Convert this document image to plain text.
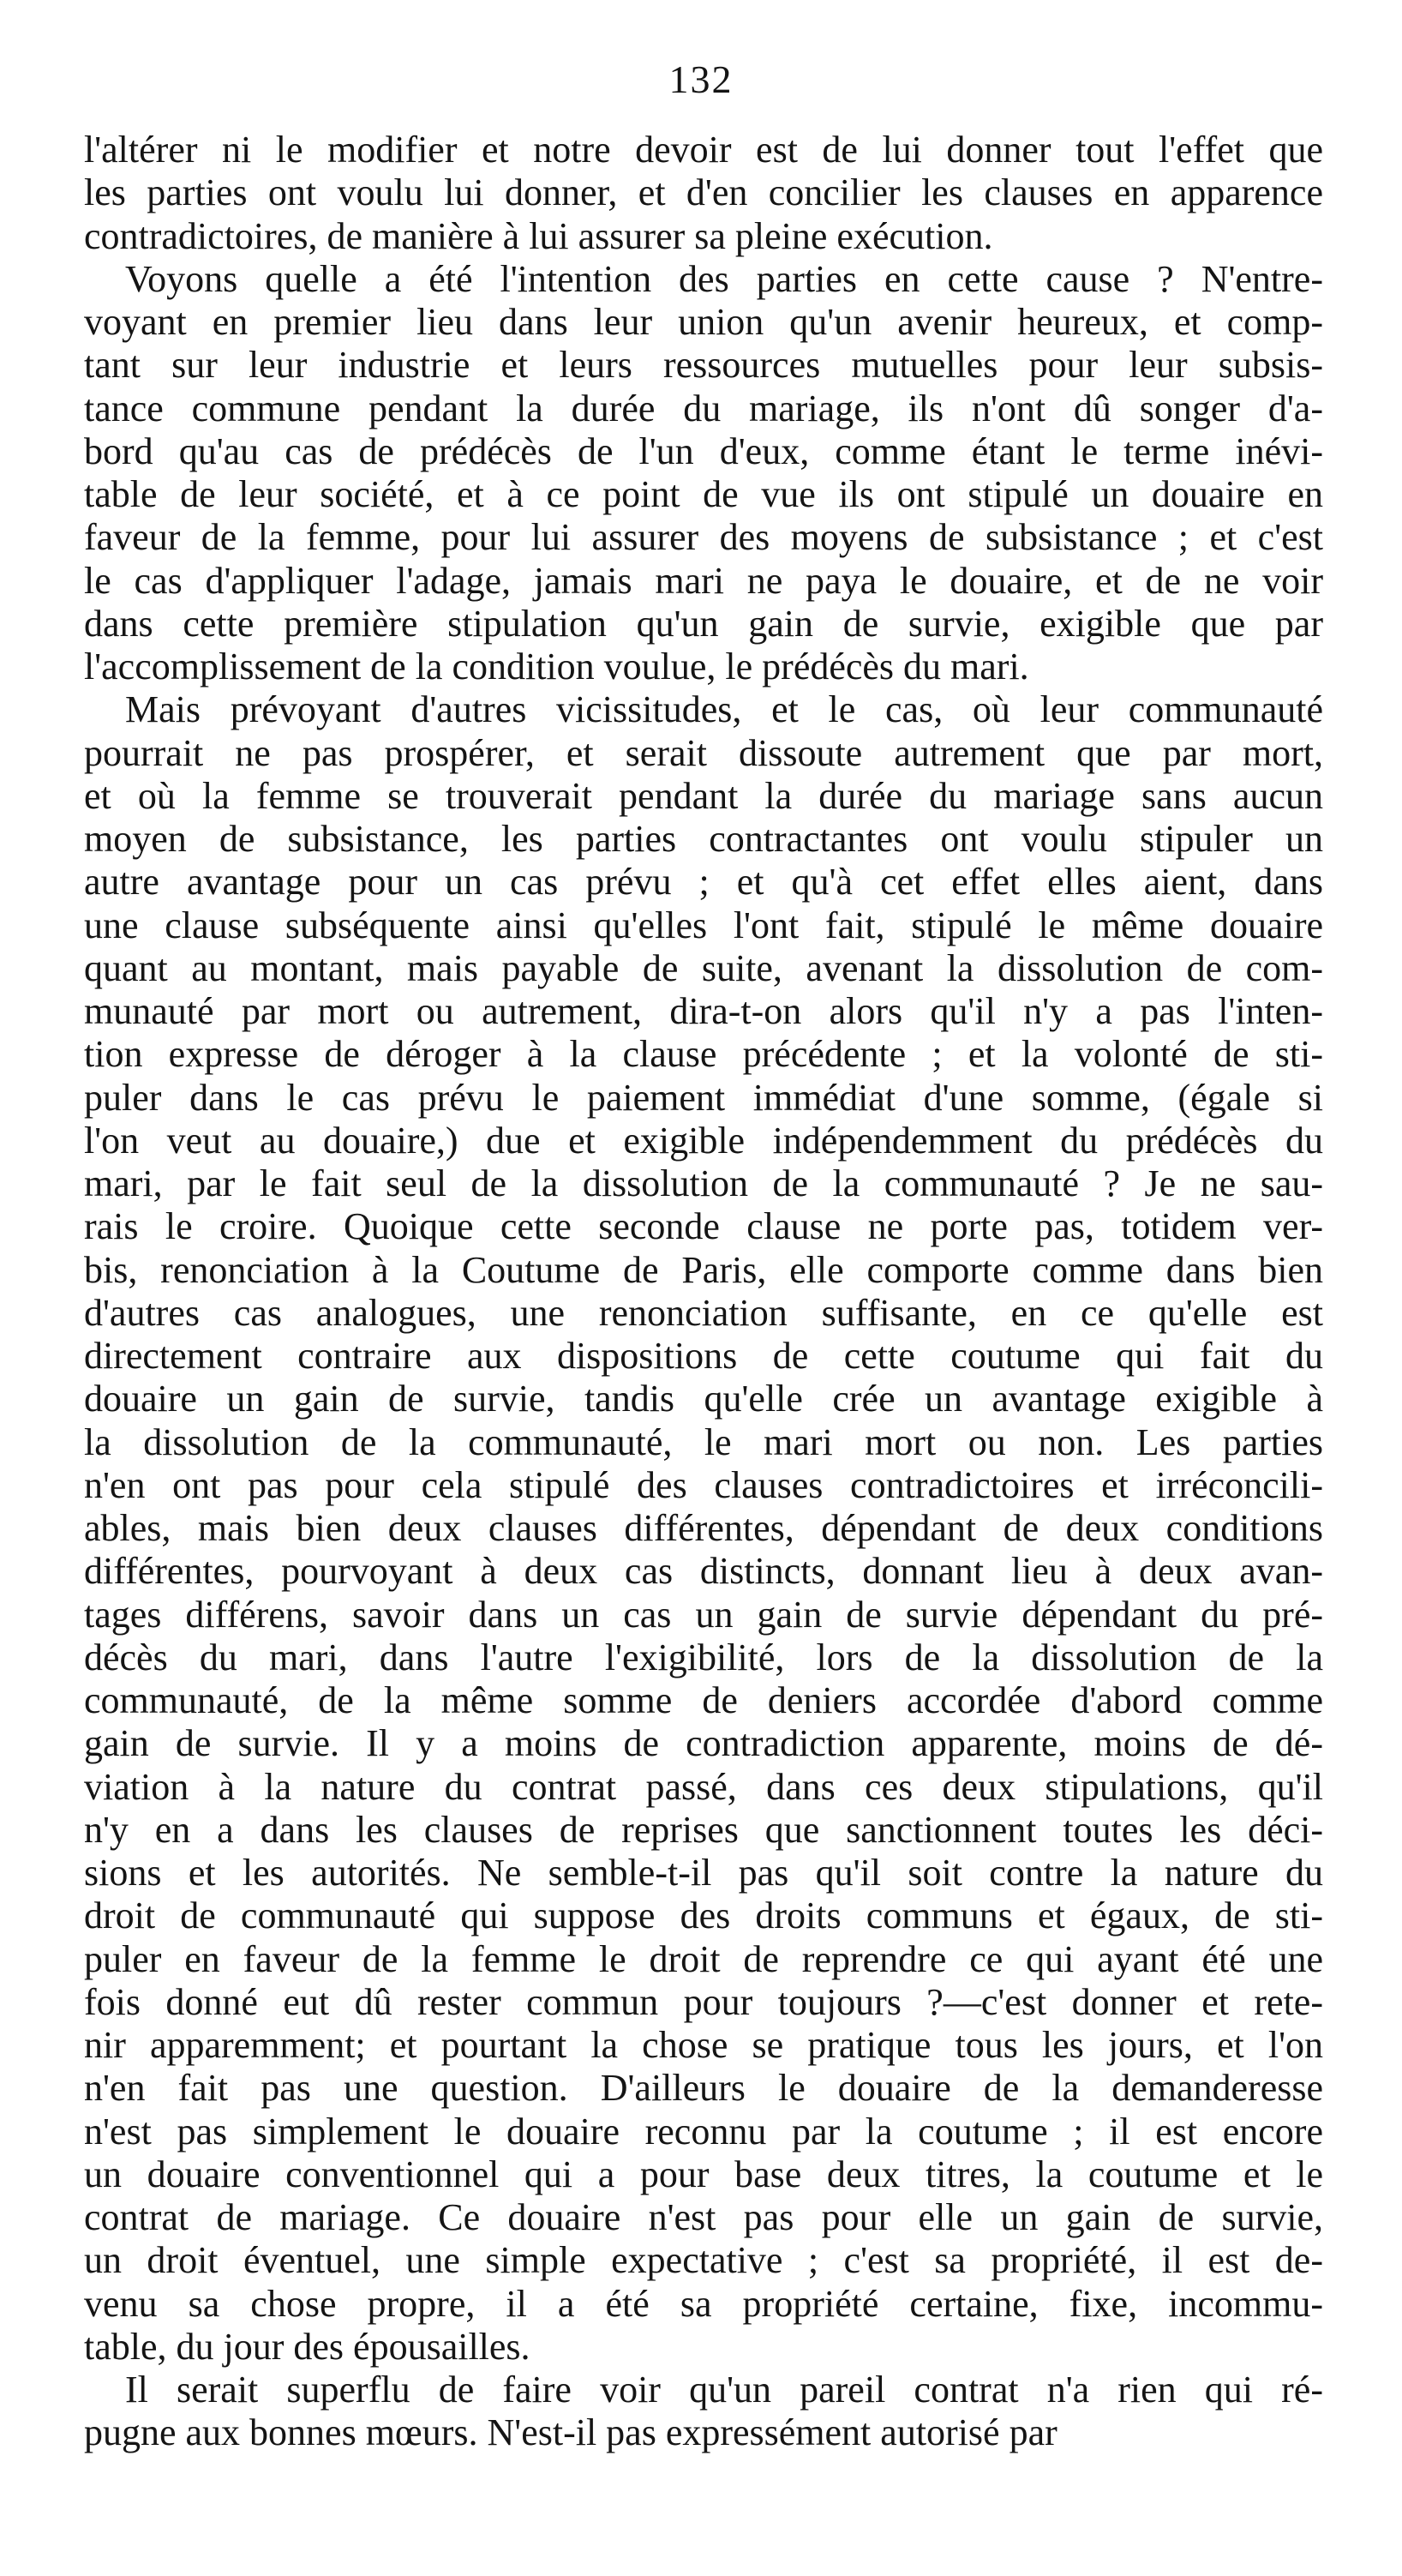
132
l'altérer ni le modifier et notre devoir est de lui donner tout l'effet que
les parties ont voulu lui donner, et d'en concilier les clauses en apparence
contradictoires, de manière à lui assurer sa pleine exécution.
Voyons quelle a été l'intention des parties en cette cause ? N'entre-
voyant en premier lieu dans leur union qu'un avenir heureux, et comp-
tant sur leur industrie et leurs ressources mutuelles pour leur subsis-
tance commune pendant la durée du mariage, ils n'ont dû songer d'a-
bord qu'au cas de prédécès de l'un d'eux, comme étant le terme inévi-
table de leur société, et à ce point de vue ils ont stipulé un douaire en
faveur de la femme, pour lui assurer des moyens de subsistance ; et c'est
le cas d'appliquer l'adage, jamais mari ne paya le douaire, et de ne voir
dans cette première stipulation qu'un gain de survie, exigible que par
l'accomplissement de la condition voulue, le prédécès du mari.
Mais prévoyant d'autres vicissitudes, et le cas, où leur communauté
pourrait ne pas prospérer, et serait dissoute autrement que par mort,
et où la femme se trouverait pendant la durée du mariage sans aucun
moyen de subsistance, les parties contractantes ont voulu stipuler un
autre avantage pour un cas prévu ; et qu'à cet effet elles aient, dans
une clause subséquente ainsi qu'elles l'ont fait, stipulé le même douaire
quant au montant, mais payable de suite, avenant la dissolution de com-
munauté par mort ou autrement, dira-t-on alors qu'il n'y a pas l'inten-
tion expresse de déroger à la clause précédente ; et la volonté de sti-
puler dans le cas prévu le paiement immédiat d'une somme, (égale si
l'on veut au douaire,) due et exigible indépendemment du prédécès du
mari, par le fait seul de la dissolution de la communauté ? Je ne sau-
rais le croire. Quoique cette seconde clause ne porte pas, totidem ver-
bis, renonciation à la Coutume de Paris, elle comporte comme dans bien
d'autres cas analogues, une renonciation suffisante, en ce qu'elle est
directement contraire aux dispositions de cette coutume qui fait du
douaire un gain de survie, tandis qu'elle crée un avantage exigible à
la dissolution de la communauté, le mari mort ou non. Les parties
n'en ont pas pour cela stipulé des clauses contradictoires et irréconcili-
ables, mais bien deux clauses différentes, dépendant de deux conditions
différentes, pourvoyant à deux cas distincts, donnant lieu à deux avan-
tages différens, savoir dans un cas un gain de survie dépendant du pré-
décès du mari, dans l'autre l'exigibilité, lors de la dissolution de la
communauté, de la même somme de deniers accordée d'abord comme
gain de survie. Il y a moins de contradiction apparente, moins de dé-
viation à la nature du contrat passé, dans ces deux stipulations, qu'il
n'y en a dans les clauses de reprises que sanctionnent toutes les déci-
sions et les autorités. Ne semble-t-il pas qu'il soit contre la nature du
droit de communauté qui suppose des droits communs et égaux, de sti-
puler en faveur de la femme le droit de reprendre ce qui ayant été une
fois donné eut dû rester commun pour toujours ?—c'est donner et rete-
nir apparemment; et pourtant la chose se pratique tous les jours, et l'on
n'en fait pas une question. D'ailleurs le douaire de la demanderesse
n'est pas simplement le douaire reconnu par la coutume ; il est encore
un douaire conventionnel qui a pour base deux titres, la coutume et le
contrat de mariage. Ce douaire n'est pas pour elle un gain de survie,
un droit éventuel, une simple expectative ; c'est sa propriété, il est de-
venu sa chose propre, il a été sa propriété certaine, fixe, incommu-
table, du jour des épousailles.
Il serait superflu de faire voir qu'un pareil contrat n'a rien qui ré-
pugne aux bonnes mœurs. N'est-il pas expressément autorisé par
